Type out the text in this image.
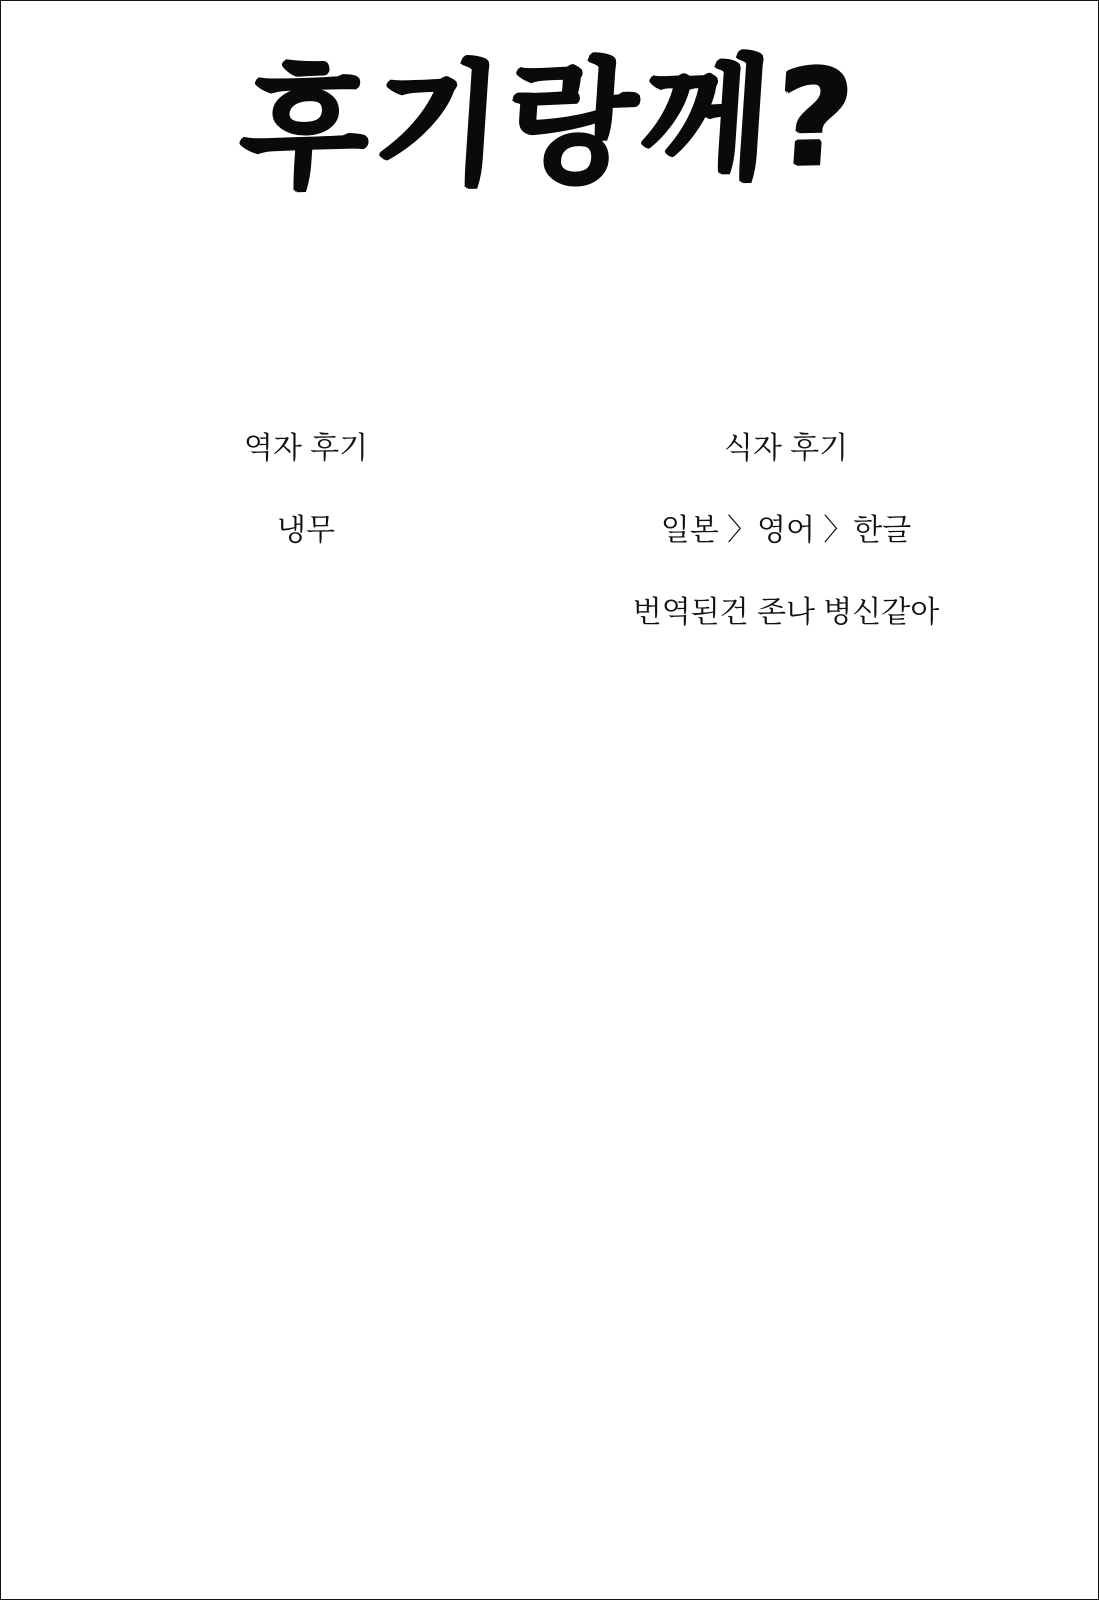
후기랑께?
역자 후기
냉무
식자 후기
일본 〉영어 〉한글
번역된건 존나 병신같아
